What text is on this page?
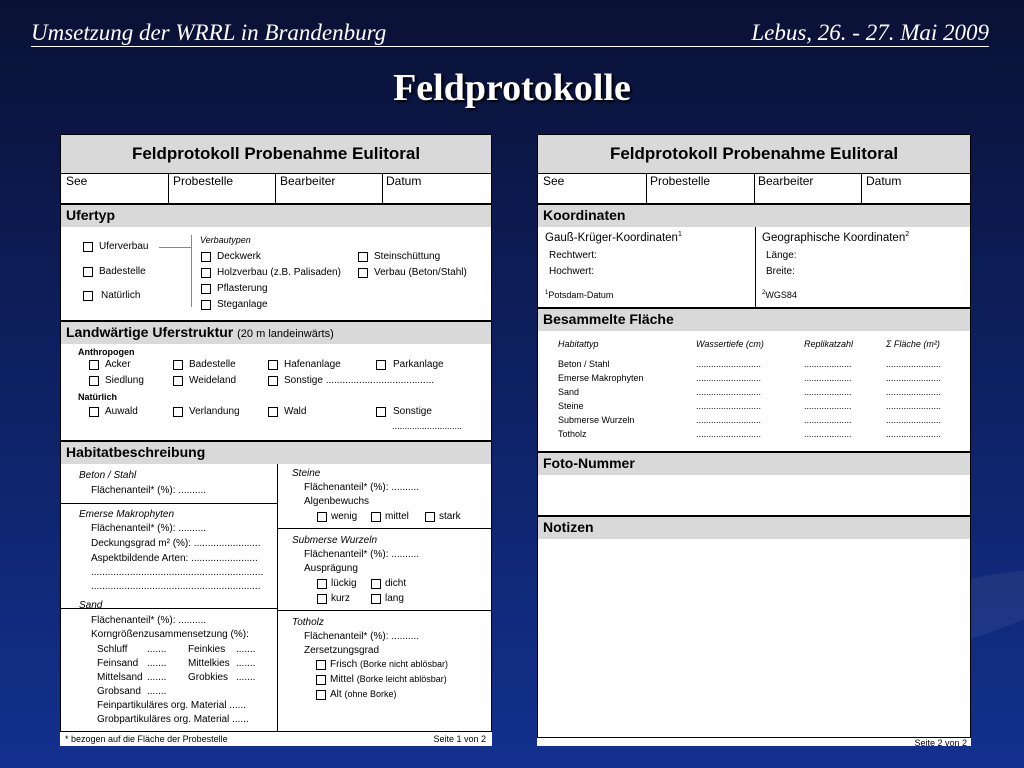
Umsetzung der WRRL in Brandenburg	Lebus, 26. - 27. Mai 2009
Feldprotokolle
Feldprotokoll Probenahme Eulitoral
See	Probestelle	Bearbeiter	Datum
Ufertyp
Uferverbau
Badestelle
Natürlich
Verbautypen
Deckwerk
Holzverbau (z.B. Palisaden)
Pflasterung
Steganlage
Steinschüttung
Verbau (Beton/Stahl)
Landwärtige Uferstruktur (20 m landeinwärts)
Anthropogen
Acker	Badestelle	Hafenanlage	Parkanlage
Siedlung	Weideland	Sonstige .......................................
Natürlich
Auwald	Verlandung	Wald	Sonstige
............................
Habitatbeschreibung
Beton / Stahl
Flächenanteil* (%): ..........
Emerse Makrophyten
Flächenanteil* (%): ..........
Deckungsgrad m² (%): ........................
Aspektbildende Arten: ........................
..............................................................
.............................................................
Sand
Flächenanteil* (%): ..........
Korngrößenzusammensetzung (%):
Schluff ....... Feinkies .......
Feinsand ....... Mittelkies .......
Mittelsand ....... Grobkies .......
Grobsand .......
Feinpartikuläres org. Material ......
Grobpartikuläres org. Material ......
Steine
Flächenanteil* (%): ..........
Algenbewuchs
wenig	mittel	stark
Submerse Wurzeln
Flächenanteil* (%): ..........
Ausprägung
lückig	dicht
kurz	lang
Totholz
Flächenanteil* (%): ..........
Zersetzungsgrad
Frisch (Borke nicht ablösbar)
Mittel (Borke leicht ablösbar)
Alt (ohne Borke)
* bezogen auf die Fläche der Probestelle	Seite 1 von 2
Feldprotokoll Probenahme Eulitoral
See	Probestelle	Bearbeiter	Datum
Koordinaten
Gauß-Krüger-Koordinaten$^1$
Rechtwert:
Hochwert:
$^1$Potsdam-Datum
Geographische Koordinaten$^2$
Länge:
Breite:
$^2$WGS84
Besammelte Fläche
Habitattyp	Wassertiefe (cm)	Replikatzahl	Σ Fläche (m²)
Beton / Stahl	..........................	...................	......................
Emerse Makrophyten	..........................	...................	......................
Sand	..........................	...................	......................
Steine	..........................	...................	......................
Submerse Wurzeln	..........................	...................	......................
Totholz	..........................	...................	......................
Foto-Nummer
Notizen
Seite 2 von 2
